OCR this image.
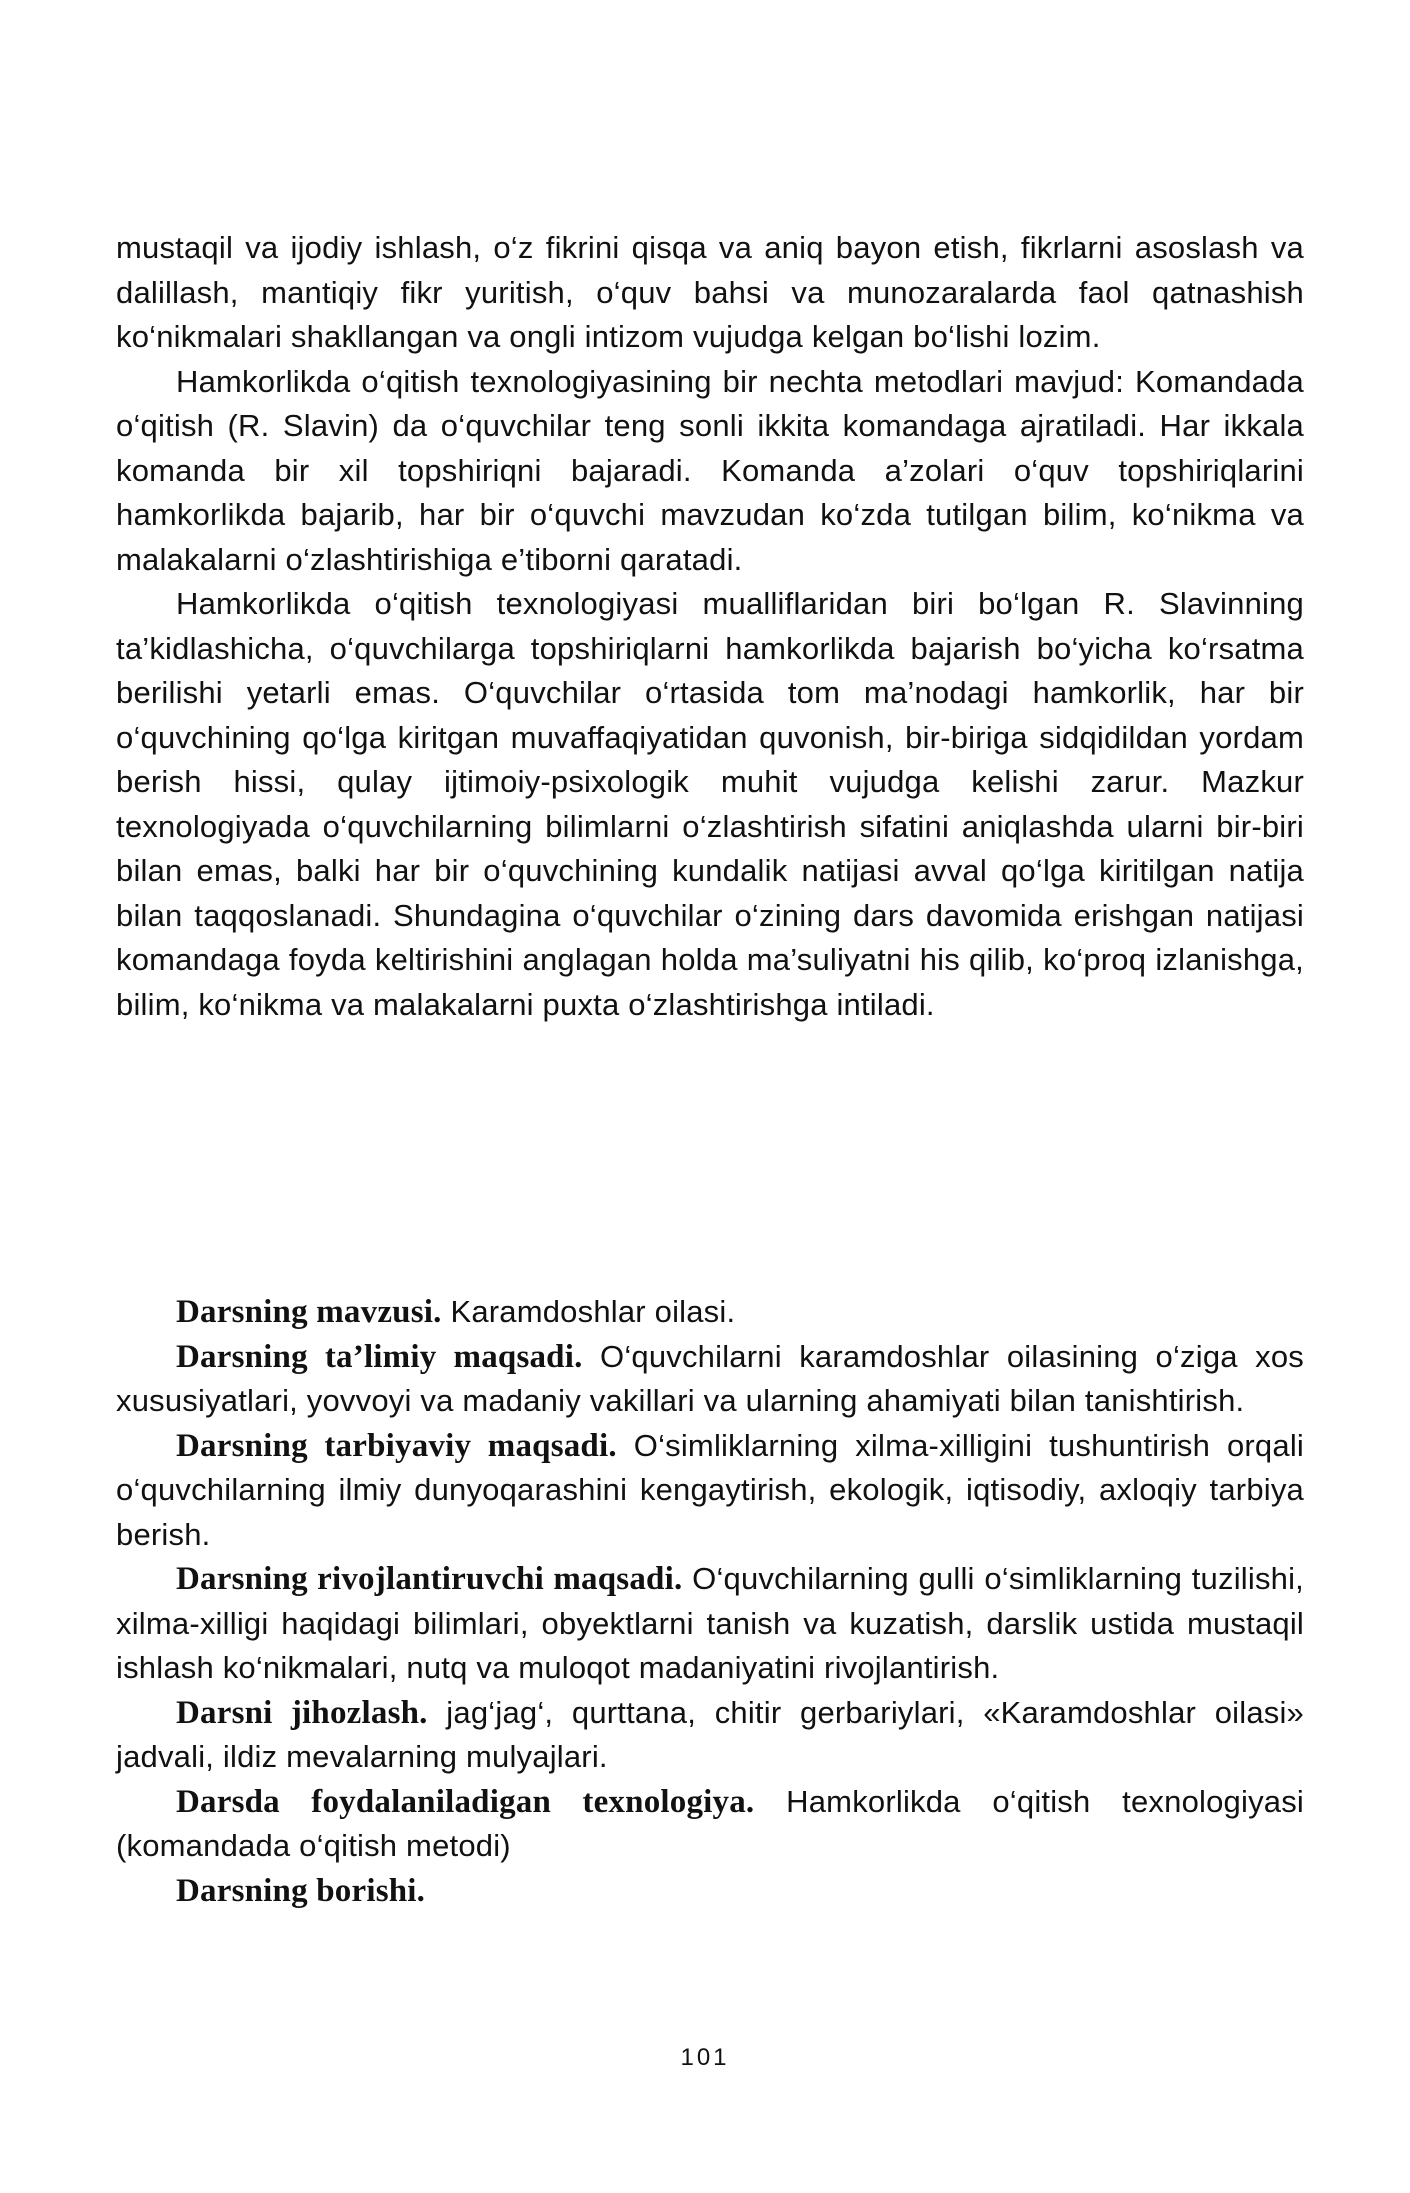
mustaqil va ijodiy ishlash, o‘z fikrini qisqa va aniq bayon etish, fikrlarni asoslash va dalillash, mantiqiy fikr yuritish, o‘quv bahsi va munozaralarda faol qatnashish ko‘nikmalari shakllangan va ongli intizom vujudga kelgan bo‘lishi lozim.

Hamkorlikda o‘qitish texnologiyasining bir nechta metodlari mavjud: Komandada o‘qitish (R. Slavin) da o‘quvchilar teng sonli ikkita komandaga ajratiladi. Har ikkala komanda bir xil topshiriqni bajaradi. Komanda a’zolari o‘quv topshiriqlarini hamkorlikda bajarib, har bir o‘quvchi mavzudan ko‘zda tutilgan bilim, ko‘nikma va malakalarni o‘zlashtirishiga e’tiborni qaratadi.

Hamkorlikda o‘qitish texnologiyasi mualliflaridan biri bo‘lgan R. Slavinning ta’kidlashicha, o‘quvchilarga topshiriqlarni hamkorlikda bajarish bo‘yicha ko‘rsatma berilishi yetarli emas. O‘quvchilar o‘rtasida tom ma’nodagi hamkorlik, har bir o‘quvchining qo‘lga kiritgan muvaffaqiyatidan quvonish, bir-biriga sidqidildan yordam berish hissi, qulay ijtimoiy-psixologik muhit vujudga kelishi zarur. Mazkur texnologiyada o‘quvchilarning bilimlarni o‘zlashtirish sifatini aniqlashda ularni bir-biri bilan emas, balki har bir o‘quvchining kundalik natijasi avval qo‘lga kiritilgan natija bilan taqqoslanadi. Shundagina o‘quvchilar o‘zining dars davomida erishgan natijasi komandaga foyda keltirishini anglagan holda ma’suliyatni his qilib, ko‘proq izlanishga, bilim, ko‘nikma va malakalarni puxta o‘zlashtirishga intiladi.

Darsning mavzusi. Karamdoshlar oilasi.

Darsning ta’limiy maqsadi. O‘quvchilarni karamdoshlar oilasining o‘ziga xos xususiyatlari, yovvoyi va madaniy vakillari va ularning ahamiyati bilan tanishtirish.

Darsning tarbiyaviy maqsadi. O‘simliklarning xilma-xilligini tushuntirish orqali o‘quvchilarning ilmiy dunyoqarashini kengaytirish, ekologik, iqtisodiy, axloqiy tarbiya berish.

Darsning rivojlantiruvchi maqsadi. O‘quvchilarning gulli o‘simliklarning tuzilishi, xilma-xilligi haqidagi bilimlari, obyektlarni tanish va kuzatish, darslik ustida mustaqil ishlash ko‘nikmalari, nutq va muloqot madaniyatini rivojlantirish.

Darsni jihozlash. jag‘jag‘, qurttana, chitir gerbariylari, «Karamdoshlar oilasi» jadvali, ildiz mevalarning mulyajlari.

Darsda foydalaniladigan texnologiya. Hamkorlikda o‘qitish texnologiyasi (komandada o‘qitish metodi)

Darsning borishi.

101
